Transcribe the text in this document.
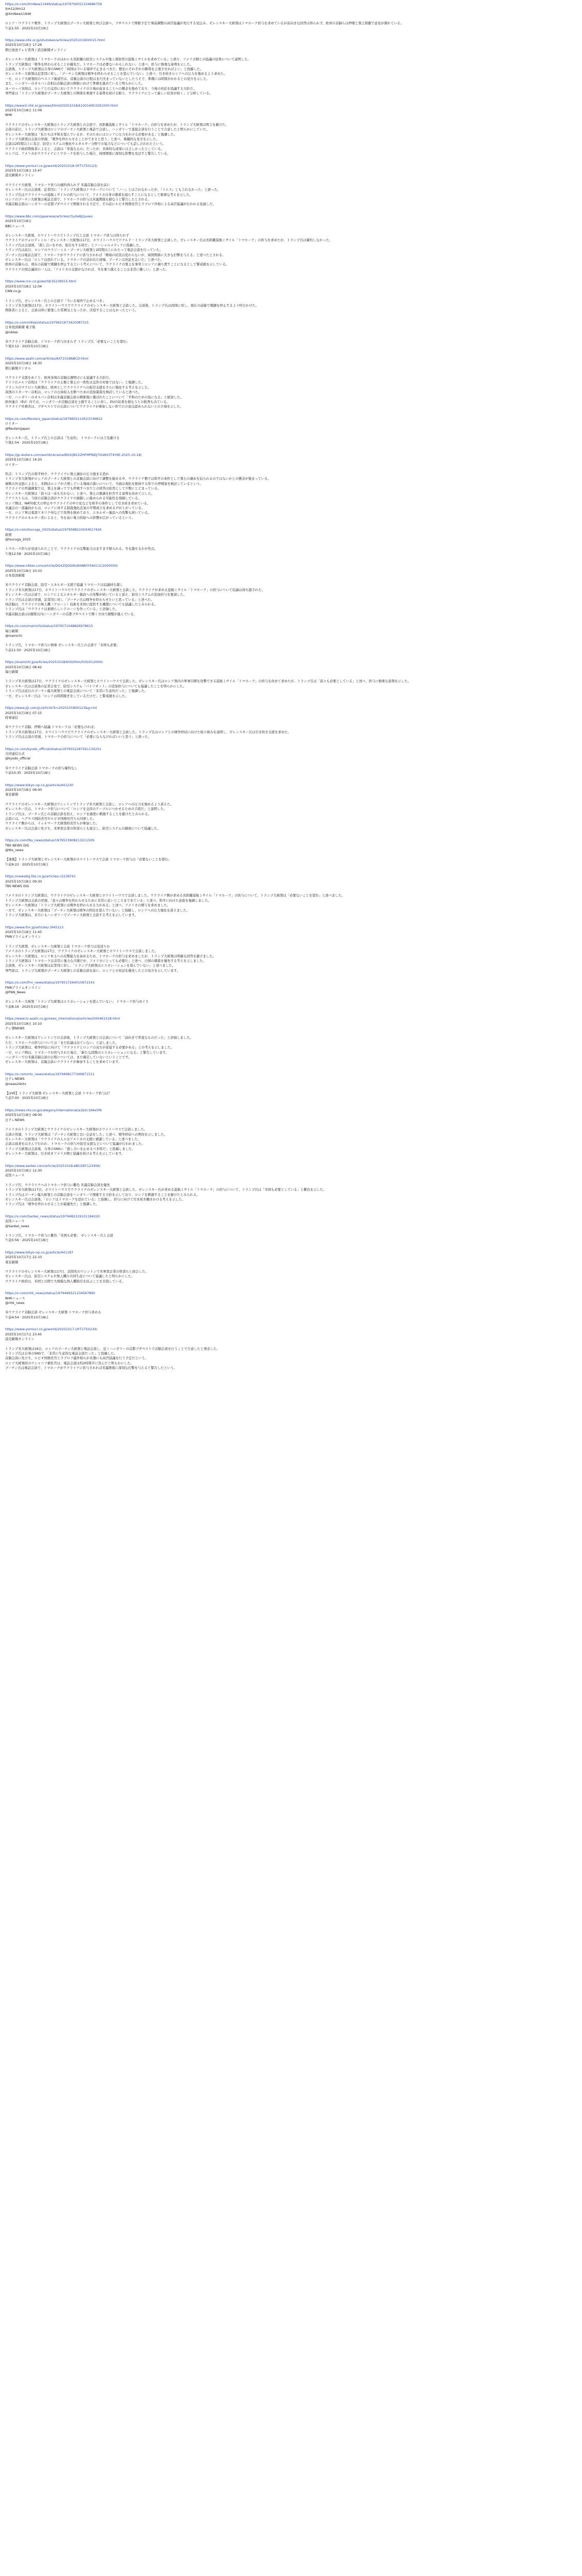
https://x.com/XmNew11646/status/1979756551104686759
Xm12/Xm12
@XmNew11646

ロシア・ウクライナ戦争、トランプ大統領はプーチン大統領と再び会談へ。ブダペストで開催予定で事前調整の高官協議が先行する見込み。ゼレンスキー大統領はトマホーク供与を求めているが前向きな回答は得られず。欧州の首脳らは停戦と領土問題で意見が割れている。

午前1:55 · 2025年10月19日

https://www.nhk.or.jp/shutoken/articles/2025101900015.html
2025年10月19日 17:26
朝日放送テレビ系列 / 読売新聞オンライン

ゼレンスキー大統領は「トマホークのほかにも長距離の防空システムや地上発射型の巡航ミサイルを求めている」と語り、アメリカ側との協議の結果について説明した。

トランプ大統領は「戦争を終わらせることが優先だ。トマホークは必要ないかもしれない」と述べ、供与に慎重な姿勢を示した。

会談後、トランプ大統領は自身のSNSで「両国は今いる場所で止まるべきだ。歴史にそれぞれの勝利を主張させればよい」と投稿した。

ゼレンスキー大統領は記者団に対し、「プーチン大統領は戦争を終わらせることを望んでいない」と述べ、引き続きロシアへの圧力を強めるよう求めた。

一方、ロシア大統領府のペスコフ報道官は、首脳会談の日程はまだ決まっていないとしたうえで、準備には時間がかかるとの見方を示した。

また、ハンガリーのオルバン首相は首脳会談の開催に向けて準備を進めていると明らかにした。

ヨーロッパ各国は、ロシアとの交渉においてウクライナの立場が弱まることへの懸念を強めており、今後の対応を協議する方針だ。

専門家は「トランプ大統領がプーチン大統領との関係を重視する姿勢を続ける限り、ウクライナにとって厳しい状況が続く」と分析している。

https://www3.nhk.or.jp/news/html/20251018/k10014953291000.html
2025年10月18日 11:09
NHK

ウクライナのゼレンスキー大統領はトランプ大統領との会談で、長距離巡航ミサイル「トマホーク」の供与を求めたが、トランプ大統領は明言を避けた。

会談の前日、トランプ大統領はロシアのプーチン大統領と電話で会談し、ハンガリーで直接会談を行うことで合意したと明らかにしていた。

ゼレンスキー大統領は「私たちは平和を望んでいるが、そのためにはロシアに圧力をかける必要がある」と強調した。

トランプ大統領は会談の冒頭、「戦争を終わらせることができると思う」と述べ、楽観的な見方を示した。

会談は2時間以上に及び、防空システムの強化やエネルギー分野での協力などについても話し合われたという。

ウクライナ政府関係者によると、会談は「率直なもの」だったが、具体的な成果には乏しかったとしている。

ロシアは、アメリカがウクライナにトマホークを供与した場合、両国関係に深刻な影響を及ぼすと警告している。

https://www.yomiuri.co.jp/world/20251018-OYT1T50123/
2025年10月18日 15:47
読売新聞オンライン

ウクライナ大統領、トマホーク供与の確約得られず 米露首脳会談を前に

ゼレンスキー氏は会談後、記者団に「トランプ大統領はトマホークについて『ノー』とは言わなかったが、『イエス』とも言わなかった」と語った。

トランプ氏はウクライナへの巡航ミサイルの供与について、アメリカ自身の備蓄を減らすことになるとして慎重な考えを示した。

ロシアのプーチン大統領は電話会談で、トマホークの供与は米露関係を損なうと警告したとされる。

米露首脳会談はハンガリーの首都ブダペストで開催される予定で、その前にルビオ国務長官とラブロフ外相による高官協議が行われる見通しだ。

https://www.bbc.com/japanese/articles/c5y0e8j2pvwo
2025年10月18日
BBCニュース

ゼレンスキー大統領、ホワイトハウスでトランプ氏と会談 トマホーク供与は得られず

ウクライナのウォロディミル・ゼレンスキー大統領は17日、ホワイトハウスでドナルド・トランプ米大統領と会談した。ゼレンスキー氏は長距離巡航ミサイル「トマホーク」の供与を求めたが、トランプ氏は確約しなかった。

トランプ氏は会談後、「殺し合いをやめ、取引をする時だ」とソーシャルメディアに投稿した。

トランプ氏は前日、ロシアのウラジーミル・プーチン大統領と2時間以上にわたって電話会談を行っていた。

プーチン氏は電話会談で、トマホークがウクライナに供与されれば「戦場の状況は変わらないが、両国関係に大きな打撃を与える」と述べたとされる。

ゼレンスキー氏は「ロシアは恐れている。トマホークの話が出た途端、プーチンは対話を急いだ」と述べた。

欧州の首脳らは、現在の前線で戦闘を停止するという考えについて、ウクライナの領土を事実上ロシアに譲り渡すことになるとして警戒感を示している。

ウクライナの国会議員の一人は、「アメリカの支援がなければ、冬を乗り越えることは非常に難しい」と語った。

https://www.cnn.co.jp/world/35239015.html
2025年10月18日 12:04
CNN.co.jp

トランプ氏、ゼレンスキー氏との会談で「今いる場所で止めるべき」

トランプ米大統領は17日、ホワイトハウスでウクライナのゼレンスキー大統領と会談した。会談後、トランプ氏は両国に対し、現在の前線で戦闘を停止するよう呼びかけた。

関係者によると、会談は時に緊張した雰囲気となったが、決裂することはなかったという。

https://x.com/nikkei/status/1979621873420087315
日本経済新聞 電子版
@nikkei

米ウクライナ首脳会談、トマホーク供与決まらず トランプ氏「必要ないことを望む」

午後3:12 · 2025年10月18日

https://www.asahi.com/articles/AST1018ABCD.html
2025年10月18日 18:30
朝日新聞デジタル

ウクライナ支援をめぐり、欧州各国の首脳は週明けにも協議する方針だ。

ドイツのメルツ首相は「ウクライナの主権と領土の一体性は交渉の対象ではない」と強調した。

フランスのマクロン大統領は、欧州としてウクライナへの防空支援をさらに強化する考えを示した。

英国のスターマー首相は、ロシアの石油収入を断つための追加制裁を検討していると述べた。

一方、ハンガリーのオルバン首相は米露首脳会談の開催地に選ばれたことについて「平和のための島になる」と歓迎した。

欧州連合（EU）内では、ハンガリーが首脳会談を主催することに対し、EUの結束を損なうとの批判も出ている。

ウクライナ外務省は、ブダペストでの会談についてウクライナが参加しない形での合意は認められないとの立場を示した。

https://x.com/Reuters_Japan/status/1979602114523336812
ロイター
@ReutersJapan

ゼレンスキー氏、トランプ氏との会談は「生産的」 トマホークには言及避ける

午後1:54 · 2025年10月18日

https://jp.reuters.com/world/ukraine/BX2QKL5ZHFMPNDJ7VLWX3T4Y6E-2025-10-18/
2025年10月18日 14:20
ロイター

焦点：トランプ氏の和平仲介、ウクライナに領土譲歩の圧力強まる恐れ

トランプ米大統領がロシアのプーチン大統領との首脳会談に向けて調整を進める中、ウクライナ側では和平の条件として領土の譲歩を迫られるのではないかとの懸念が強まっている。

複数の外交筋によると、米側はロシアが占領している地域の扱いについて、当面は現状を維持する形での停戦案を検討しているという。

ウクライナの世論調査では、領土を譲ってでも停戦すべきだとの回答は依然として少数にとどまっている。

ゼレンスキー大統領は「我々は一歩も引かない」と述べ、領土の割譲を拒否する姿勢を改めて示した。

アナリストらは、今回の首脳会談がウクライナの頭越しに進められる可能性を指摘している。

ロシア側は、NATO拡大の停止やウクライナの中立化などを和平の条件として引き続き求めている。

米議会の一部議員からは、ロシアに対する制裁強化法案の早期成立を求める声が上がっている。

一方、ロシア軍は東部ドネツク州などで攻勢を強めており、エネルギー施設への攻撃も続いている。

ウクライナのエネルギー省によると、冬を前に電力供給への影響が広がっているという。

https://x.com/tsuruga_2025/status/1979588210043617426
敦賀
@tsuruga_2025

トマホーク供与が見送られたことで、ウクライナの反撃能力はますます限られる。冬を越せるかが焦点。

午後12:58 · 2025年10月18日

https://www.nikkei.com/article/DGXZQOGN180AB0Y5A011C2000000/
2025年10月18日 10:33
日本経済新聞

米ウクライナ首脳会談、防空・エネルギー支援で協議 トマホークは結論持ち越し

トランプ米大統領は17日、ホワイトハウスでウクライナのゼレンスキー大統領と会談した。ウクライナが求める巡航ミサイル「トマホーク」の供与について結論は持ち越された。

ゼレンスキー氏は会談で、ロシアによるエネルギー施設への攻撃が続いていると訴え、防空システムの追加供与を要請した。

トランプ氏は会談の冒頭、記者団に対し「プーチン氏は戦争を終わらせたいと思っている」と述べた。

両首脳は、ウクライナの無人機（ドローン）技術を米国に提供する構想についても協議したとみられる。

トランプ氏は「ウクライナは素晴らしいドローンを作っている」と評価した。

米露首脳会談は2週間以内にハンガリーの首都ブダペストで開く方向で調整が進んでいる。

https://x.com/mainichi/status/1979571048826978615
毎日新聞
@mainichi

トランプ氏、トマホーク供与に慎重 ゼレンスキー氏との会談で「米国も必要」

午前11:50 · 2025年10月18日

https://mainichi.jp/articles/20251018/k00/00m/030/012000c
2025年10月18日 08:42
毎日新聞

トランプ米大統領は17日、ウクライナのゼレンスキー大統領とホワイトハウスで会談した。ゼレンスキー氏はロシア領内の軍事目標を攻撃できる巡航ミサイル「トマホーク」の供与を改めて求めたが、トランプ氏は「我々も必要としている」と述べ、供与に慎重な姿勢を示した。

ゼレンスキー氏は会談後の記者会見で、防空システム「パトリオット」の追加供与についても協議したことを明らかにした。

トランプ氏は前日のプーチン露大統領との電話会談について「非常に生産的だった」と強調した。

一方、ゼレンスキー氏は「ロシアは時間稼ぎをしているだけだ」と警戒感を示した。

https://www.jiji.com/jc/article?k=2025101800123&g=int
2025年10月18日 07:15
時事通信

米ウクライナ首脳、停戦へ協議 トマホークは「必要なければ」

トランプ米大統領は17日、ホワイトハウスでウクライナのゼレンスキー大統領と会談した。トランプ氏はロシアとの戦争終結に向けた取り組みを説明し、ゼレンスキー氏は引き続き支援を求めた。

トランプ氏は会談の冒頭、トマホークの供与について「必要にならなければいいと思う」と語った。

https://x.com/kyodo_official/status/1979552287561130201
共同通信公式
@kyodo_official

米ウクライナ首脳会談 トマホークの供与確約なし

午前10:35 · 2025年10月18日

https://www.tokyo-np.co.jp/article/441230
2025年10月18日 06:00
東京新聞

ウクライナのゼレンスキー大統領はワシントンでトランプ米大統領と会談し、ロシアへの圧力を強めるよう訴えた。

ゼレンスキー氏は、トマホーク供与について「ロシアを交渉のテーブルにつかせるための手段だ」と説明した。

トランプ氏は、プーチン氏との首脳会談を控え、ロシアを過度に刺激することを避けたとみられる。

会談には、ヘグセス国防長官やルビオ国務長官らも同席した。

ウクライナ側からは、イェルマーク大統領府長官らが参加した。

ゼレンスキー氏は会談に先立ち、米軍需企業の幹部らとも面会し、防空システムの調達について協議した。

https://x.com/tbs_news/status/1979533908213211509
TBS NEWS DIG
@tbs_news

【速報】トランプ大統領とゼレンスキー大統領がホワイトハウスで会談 トマホーク供与は「必要ないことを望む」

午前9:22 · 2025年10月18日

https://newsdig.tbs.co.jp/articles/-/2238741
2025年10月18日 09:30
TBS NEWS DIG

アメリカのトランプ大統領は、ウクライナのゼレンスキー大統領とホワイトハウスで会談しました。ウクライナ側が求める長距離巡航ミサイル「トマホーク」の供与について、トランプ大統領は「必要ないことを望む」と述べました。

トランプ大統領は会談の冒頭、「我々は戦争を終わらせるために非常に近いところまで来ている」と述べ、和平に向けた意欲を強調しました。

ゼレンスキー大統領は「トランプ大統領には戦争を終わらせる力がある」と述べ、アメリカの関与を求めました。

一方で、ゼレンスキー大統領は「プーチン大統領は戦争の終結を望んでいない」と指摘し、ロシアへの圧力強化を訴えました。

トランプ大統領は、来月にもハンガリーでプーチン大統領と会談する考えを示しています。

https://www.fnn.jp/articles/-/945123
2025年10月18日 11:45
FNNプライムオンライン

トランプ大統領、ゼレンスキー大統領と会談 トマホーク供与は見送りか

アメリカのトランプ大統領は17日、ウクライナのゼレンスキー大統領とホワイトハウスで会談しました。

ゼレンスキー大統領は、ロシア本土への反撃能力を高めるため、トマホークの供与を求めましたが、トランプ大統領は明確な回答を避けました。

トランプ大統領は「トマホークは非常に強力な兵器だが、アメリカにとっても必要だ」と述べ、自国の備蓄を優先する考えを示しました。

会談後、ゼレンスキー大統領は記者団に対し、「トランプ大統領はエスカレーションを望んでいない」と述べました。

専門家は、トランプ大統領がプーチン大統領との首脳会談を前に、ロシアとの対話を優先したとの見方を示しています。

https://x.com/fnn_news/status/1979517264015872143
FNNプライムオンライン
@FNN_News

ゼレンスキー大統領「トランプ大統領はエスカレーションを望んでいない」 トマホーク供与めぐり

午前8:16 · 2025年10月18日

https://www.tv-asahi.co.jp/news_international/articles/000461528.html
2025年10月18日 10:10
テレ朝NEWS

ゼレンスキー大統領はワシントンでの会談後、トランプ大統領との会談について「前向きで率直なものだった」と評価しました。

ただ、トマホークの供与については「まだ結論は出ていない」と話しました。

トランプ大統領は、戦争終結に向けて「ウクライナとロシアの双方が妥協する必要がある」との考えを示しました。

一方、ロシア側は、トマホークが供与された場合、「新たな段階のエスカレーションになる」と警告しています。

ハンガリーでの米露首脳会談の日程については、まだ確定していないということです。

ゼレンスキー大統領は、首脳会談にウクライナが参加することを求めています。

https://x.com/ntv_news/status/1979498177346871511
日テレNEWS
@news24ntv

【LIVE】トランプ大統領 ゼレンスキー大統領と会談 トマホーク供与は？

午前7:00 · 2025年10月18日

https://news.ntv.co.jp/category/international/a1b2c3d4e5f6
2025年10月18日 08:00
日テレNEWS

アメリカのトランプ大統領とウクライナのゼレンスキー大統領がホワイトハウスで会談しました。

会談の冒頭、トランプ大統領は「プーチン大統領と良い会話をした」と述べ、戦争終結への期待を示しました。

ゼレンスキー大統領は「ウクライナの人々はアメリカの支援に感謝している」と述べました。

会談は昼食をはさんで行われ、トマホークの供与や防空支援などについて協議が行われました。

トランプ大統領は会談後、自身のSNSに「殺し合いを止めるべき時だ」と投稿しました。

ゼレンスキー大統領は、引き続きアメリカ側と協議を続ける考えを示しています。

https://www.sankei.com/article/20251018-ABCDEF123456/
2025年10月18日 12:30
産経ニュース

トランプ氏、ウクライナへのトマホーク供与に難色 米露首脳会談を優先

トランプ米大統領は17日、ホワイトハウスでウクライナのゼレンスキー大統領と会談した。ゼレンスキー氏が求める巡航ミサイル「トマホーク」の供与について、トランプ氏は「米国も必要としている」と難色を示した。

トランプ氏はプーチン露大統領との首脳会談をハンガリーで開催する方針を示しており、ロシアを刺激することを避けたとみられる。

ゼレンスキー氏は会談後、「ロシアはトマホークを恐れている」と指摘し、供与に向けて引き続き働きかける考えを示した。

トランプ氏は「戦争を終わらせることが最優先だ」と強調した。

https://x.com/Sankei_news/status/1979482219101184220
産経ニュース
@Sankei_news

トランプ氏、トマホーク供与に難色「米国も必要」 ゼレンスキー氏と会談

午前5:56 · 2025年10月18日

https://www.tokyo-np.co.jp/article/441187
2025年10月17日 22:10
東京新聞

ウクライナのゼレンスキー大統領は17日、訪問先のワシントンで米軍需企業の幹部らと面会した。

ゼレンスキー氏は、防空システムや無人機の共同生産について協議したと明らかにした。

ウクライナ政府は、米国との間で大規模な無人機取引を結ぶことを目指している。

https://x.com/nhk_news/status/1979466521234567890
NHKニュース
@nhk_news

米ウクライナ首脳会談 ゼレンスキー大統領 トマホーク供与求める

午前4:54 · 2025年10月18日

https://www.yomiuri.co.jp/world/20251017-OYT1T50234/
2025年10月17日 23:45
読売新聞オンライン

トランプ米大統領は16日、ロシアのプーチン大統領と電話会談し、近くハンガリーの首都ブダペストで首脳会談を行うことで合意したと発表した。

トランプ氏は自身のSNSで、「非常に生産的な電話会談だった」と投稿した。

首脳会談に先立ち、ルビオ国務長官とラブロフ露外相らが来週にも高官協議を行う予定だという。

ロシア大統領府のウシャコフ補佐官は、電話会談は約2時間半に及んだと明らかにした。

プーチン氏は電話会談で、トマホークがウクライナに供与されれば米露関係に深刻な打撃を与えると警告したという。
